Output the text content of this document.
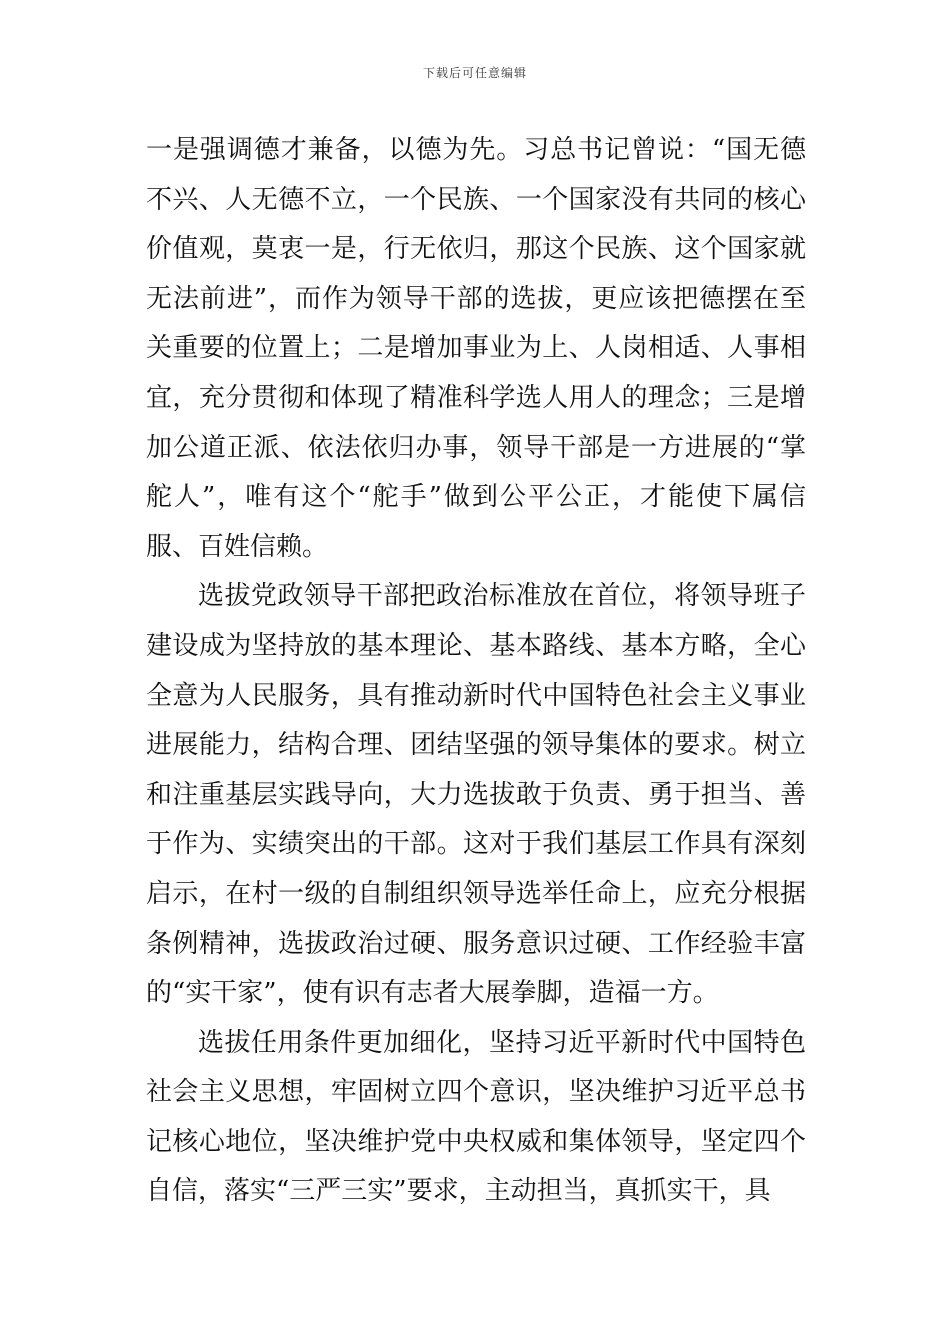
下载后可任意编辑

一是强调德才兼备，以德为先。习总书记曾说：“国无德不兴、人无德不立，一个民族、一个国家没有共同的核心价值观，莫衷一是，行无依归，那这个民族、这个国家就无法前进”，而作为领导干部的选拔，更应该把德摆在至关重要的位置上；二是增加事业为上、人岗相适、人事相宜，充分贯彻和体现了精准科学选人用人的理念；三是增加公道正派、依法依归办事，领导干部是一方进展的“掌舵人”，唯有这个“舵手”做到公平公正，才能使下属信服、百姓信赖。

选拔党政领导干部把政治标准放在首位，将领导班子建设成为坚持放的基本理论、基本路线、基本方略，全心全意为人民服务，具有推动新时代中国特色社会主义事业进展能力，结构合理、团结坚强的领导集体的要求。树立和注重基层实践导向，大力选拔敢于负责、勇于担当、善于作为、实绩突出的干部。这对于我们基层工作具有深刻启示，在村一级的自制组织领导选举任命上，应充分根据条例精神，选拔政治过硬、服务意识过硬、工作经验丰富的“实干家”，使有识有志者大展拳脚，造福一方。

选拔任用条件更加细化，坚持习近平新时代中国特色社会主义思想，牢固树立四个意识，坚决维护习近平总书记核心地位，坚决维护党中央权威和集体领导，坚定四个自信，落实“三严三实”要求，主动担当，真抓实干，具
